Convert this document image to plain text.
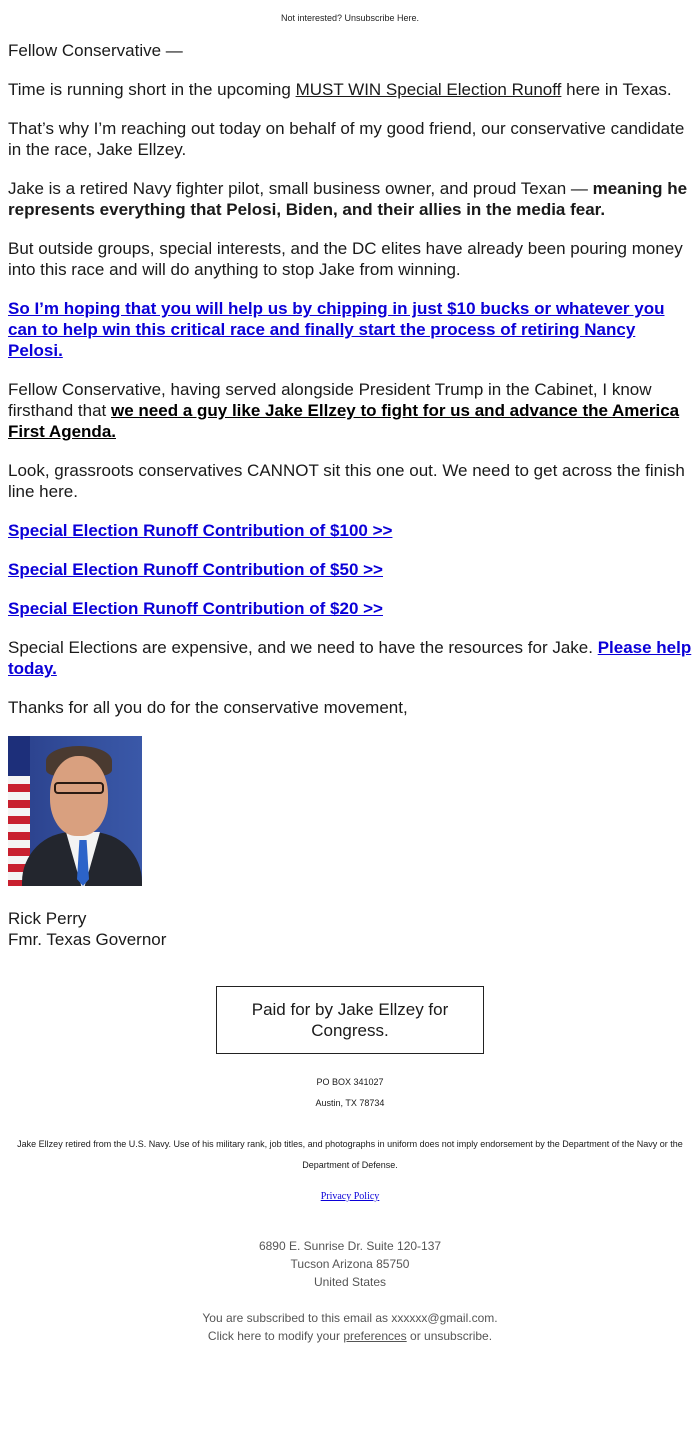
Not interested? Unsubscribe Here.

Fellow Conservative —

Time is running short in the upcoming MUST WIN Special Election Runoff here in Texas.

That’s why I’m reaching out today on behalf of my good friend, our conservative candidate in the race, Jake Ellzey.

Jake is a retired Navy fighter pilot, small business owner, and proud Texan — meaning he represents everything that Pelosi, Biden, and their allies in the media fear.

But outside groups, special interests, and the DC elites have already been pouring money into this race and will do anything to stop Jake from winning.

So I’m hoping that you will help us by chipping in just $10 bucks or whatever you can to help win this critical race and finally start the process of retiring Nancy Pelosi.

Fellow Conservative, having served alongside President Trump in the Cabinet, I know firsthand that we need a guy like Jake Ellzey to fight for us and advance the America First Agenda.

Look, grassroots conservatives CANNOT sit this one out. We need to get across the finish line here.

Special Election Runoff Contribution of $100 >>

Special Election Runoff Contribution of $50 >>

Special Election Runoff Contribution of $20 >>

Special Elections are expensive, and we need to have the resources for Jake. Please help today.

Thanks for all you do for the conservative movement,

Rick Perry
Fmr. Texas Governor
Paid for by Jake Ellzey for Congress.
PO BOX 341027
Austin, TX 78734
Jake Ellzey retired from the U.S. Navy. Use of his military rank, job titles, and photographs in uniform does not imply endorsement by the Department of the Navy or the Department of Defense.
Privacy Policy
6890 E. Sunrise Dr. Suite 120-137
Tucson Arizona 85750
United States
You are subscribed to this email as xxxxxx@gmail.com.
Click here to modify your preferences or unsubscribe.
